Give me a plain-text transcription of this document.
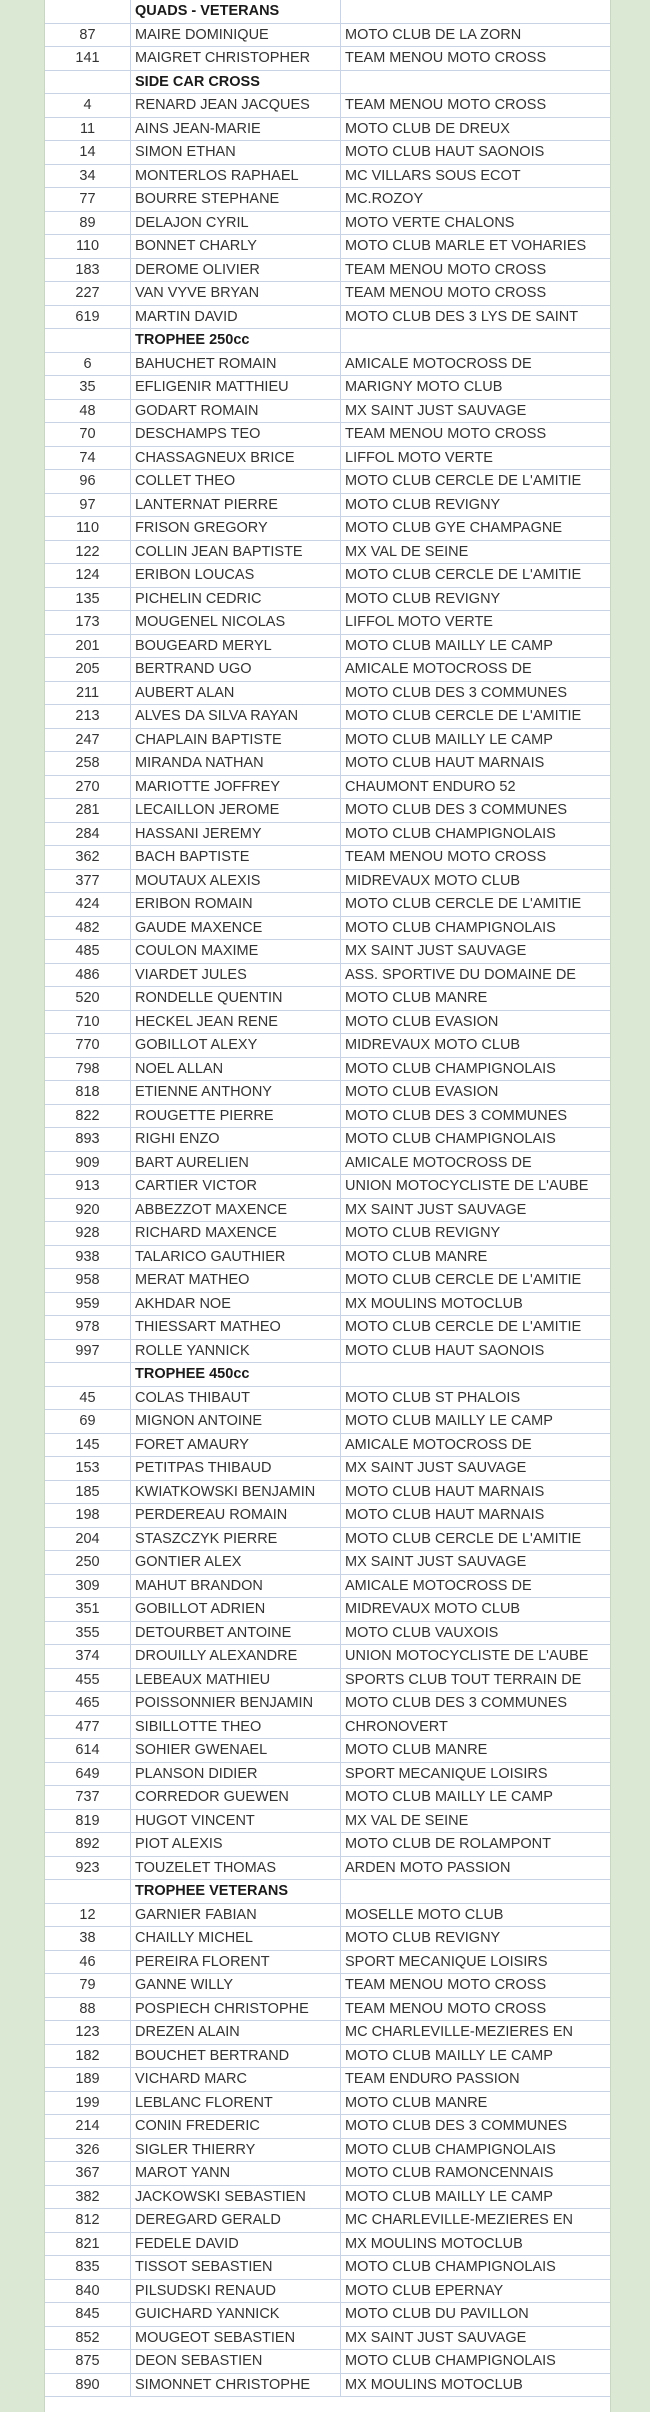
	QUADS - VETERANS	
87	MAIRE DOMINIQUE	MOTO CLUB DE LA ZORN
141	MAIGRET CHRISTOPHER	TEAM MENOU MOTO CROSS
	SIDE CAR CROSS	
4	RENARD JEAN JACQUES	TEAM MENOU MOTO CROSS
11	AINS JEAN-MARIE	MOTO CLUB DE DREUX
14	SIMON ETHAN	MOTO CLUB HAUT SAONOIS
34	MONTERLOS RAPHAEL	MC VILLARS SOUS ECOT
77	BOURRE STEPHANE	MC.ROZOY
89	DELAJON CYRIL	MOTO VERTE CHALONS
110	BONNET CHARLY	MOTO CLUB MARLE ET VOHARIES
183	DEROME OLIVIER	TEAM MENOU MOTO CROSS
227	VAN VYVE BRYAN	TEAM MENOU MOTO CROSS
619	MARTIN DAVID	MOTO CLUB DES 3 LYS DE SAINT
	TROPHEE 250cc	
6	BAHUCHET ROMAIN	AMICALE MOTOCROSS DE
35	EFLIGENIR MATTHIEU	MARIGNY MOTO CLUB
48	GODART ROMAIN	MX SAINT JUST SAUVAGE
70	DESCHAMPS TEO	TEAM MENOU MOTO CROSS
74	CHASSAGNEUX BRICE	LIFFOL MOTO VERTE
96	COLLET THEO	MOTO CLUB CERCLE DE L'AMITIE
97	LANTERNAT PIERRE	MOTO CLUB REVIGNY
110	FRISON GREGORY	MOTO CLUB GYE CHAMPAGNE
122	COLLIN JEAN BAPTISTE	MX VAL DE SEINE
124	ERIBON LOUCAS	MOTO CLUB CERCLE DE L'AMITIE
135	PICHELIN CEDRIC	MOTO CLUB REVIGNY
173	MOUGENEL NICOLAS	LIFFOL MOTO VERTE
201	BOUGEARD MERYL	MOTO CLUB MAILLY LE CAMP
205	BERTRAND UGO	AMICALE MOTOCROSS DE
211	AUBERT ALAN	MOTO CLUB DES 3 COMMUNES
213	ALVES DA SILVA RAYAN	MOTO CLUB CERCLE DE L'AMITIE
247	CHAPLAIN BAPTISTE	MOTO CLUB MAILLY LE CAMP
258	MIRANDA NATHAN	MOTO CLUB HAUT MARNAIS
270	MARIOTTE JOFFREY	CHAUMONT ENDURO 52
281	LECAILLON JEROME	MOTO CLUB DES 3 COMMUNES
284	HASSANI JEREMY	MOTO CLUB CHAMPIGNOLAIS
362	BACH BAPTISTE	TEAM MENOU MOTO CROSS
377	MOUTAUX ALEXIS	MIDREVAUX MOTO CLUB
424	ERIBON ROMAIN	MOTO CLUB CERCLE DE L'AMITIE
482	GAUDE MAXENCE	MOTO CLUB CHAMPIGNOLAIS
485	COULON MAXIME	MX SAINT JUST SAUVAGE
486	VIARDET JULES	ASS. SPORTIVE DU DOMAINE DE
520	RONDELLE QUENTIN	MOTO CLUB MANRE
710	HECKEL JEAN RENE	MOTO CLUB EVASION
770	GOBILLOT ALEXY	MIDREVAUX MOTO CLUB
798	NOEL ALLAN	MOTO CLUB CHAMPIGNOLAIS
818	ETIENNE ANTHONY	MOTO CLUB EVASION
822	ROUGETTE PIERRE	MOTO CLUB DES 3 COMMUNES
893	RIGHI ENZO	MOTO CLUB CHAMPIGNOLAIS
909	BART AURELIEN	AMICALE MOTOCROSS DE
913	CARTIER VICTOR	UNION MOTOCYCLISTE DE L'AUBE
920	ABBEZZOT MAXENCE	MX SAINT JUST SAUVAGE
928	RICHARD MAXENCE	MOTO CLUB REVIGNY
938	TALARICO GAUTHIER	MOTO CLUB MANRE
958	MERAT MATHEO	MOTO CLUB CERCLE DE L'AMITIE
959	AKHDAR NOE	MX MOULINS MOTOCLUB
978	THIESSART MATHEO	MOTO CLUB CERCLE DE L'AMITIE
997	ROLLE YANNICK	MOTO CLUB HAUT SAONOIS
	TROPHEE 450cc	
45	COLAS THIBAUT	MOTO CLUB ST PHALOIS
69	MIGNON ANTOINE	MOTO CLUB MAILLY LE CAMP
145	FORET AMAURY	AMICALE MOTOCROSS DE
153	PETITPAS THIBAUD	MX SAINT JUST SAUVAGE
185	KWIATKOWSKI BENJAMIN	MOTO CLUB HAUT MARNAIS
198	PERDEREAU ROMAIN	MOTO CLUB HAUT MARNAIS
204	STASZCZYK PIERRE	MOTO CLUB CERCLE DE L'AMITIE
250	GONTIER ALEX	MX SAINT JUST SAUVAGE
309	MAHUT BRANDON	AMICALE MOTOCROSS DE
351	GOBILLOT ADRIEN	MIDREVAUX MOTO CLUB
355	DETOURBET ANTOINE	MOTO CLUB VAUXOIS
374	DROUILLY ALEXANDRE	UNION MOTOCYCLISTE DE L'AUBE
455	LEBEAUX MATHIEU	SPORTS CLUB TOUT TERRAIN DE
465	POISSONNIER BENJAMIN	MOTO CLUB DES 3 COMMUNES
477	SIBILLOTTE THEO	CHRONOVERT
614	SOHIER GWENAEL	MOTO CLUB MANRE
649	PLANSON DIDIER	SPORT MECANIQUE LOISIRS
737	CORREDOR GUEWEN	MOTO CLUB MAILLY LE CAMP
819	HUGOT VINCENT	MX VAL DE SEINE
892	PIOT ALEXIS	MOTO CLUB DE ROLAMPONT
923	TOUZELET THOMAS	ARDEN MOTO PASSION
	TROPHEE VETERANS	
12	GARNIER FABIAN	MOSELLE MOTO CLUB
38	CHAILLY MICHEL	MOTO CLUB REVIGNY
46	PEREIRA FLORENT	SPORT MECANIQUE LOISIRS
79	GANNE WILLY	TEAM MENOU MOTO CROSS
88	POSPIECH CHRISTOPHE	TEAM MENOU MOTO CROSS
123	DREZEN ALAIN	MC CHARLEVILLE-MEZIERES EN
182	BOUCHET BERTRAND	MOTO CLUB MAILLY LE CAMP
189	VICHARD MARC	TEAM ENDURO PASSION
199	LEBLANC FLORENT	MOTO CLUB MANRE
214	CONIN FREDERIC	MOTO CLUB DES 3 COMMUNES
326	SIGLER THIERRY	MOTO CLUB CHAMPIGNOLAIS
367	MAROT YANN	MOTO CLUB RAMONCENNAIS
382	JACKOWSKI SEBASTIEN	MOTO CLUB MAILLY LE CAMP
812	DEREGARD GERALD	MC CHARLEVILLE-MEZIERES EN
821	FEDELE DAVID	MX MOULINS MOTOCLUB
835	TISSOT SEBASTIEN	MOTO CLUB CHAMPIGNOLAIS
840	PILSUDSKI RENAUD	MOTO CLUB EPERNAY
845	GUICHARD YANNICK	MOTO CLUB DU PAVILLON
852	MOUGEOT SEBASTIEN	MX SAINT JUST SAUVAGE
875	DEON SEBASTIEN	MOTO CLUB CHAMPIGNOLAIS
890	SIMONNET CHRISTOPHE	MX MOULINS MOTOCLUB
